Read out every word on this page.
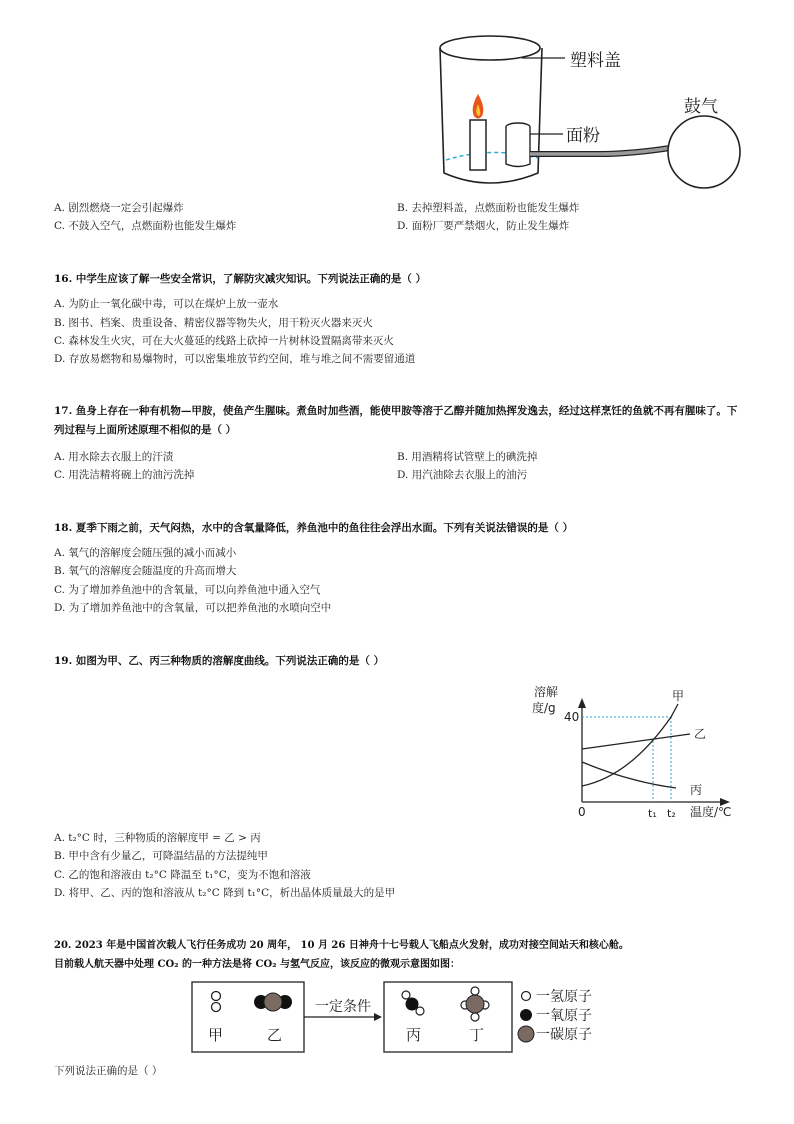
塑料盖
面粉
鼓气
A. 剧烈燃烧一定会引起爆炸	B. 去掉塑料盖，点燃面粉也能发生爆炸
C. 不鼓入空气，点燃面粉也能发生爆炸	D. 面粉厂要严禁烟火，防止发生爆炸
16. 中学生应该了解一些安全常识，了解防灾减灾知识。下列说法正确的是（ ）
A. 为防止一氧化碳中毒，可以在煤炉上放一壶水
B. 图书、档案、贵重设备、精密仪器等物失火，用干粉灭火器来灭火
C. 森林发生火灾，可在大火蔓延的线路上砍掉一片树林设置隔离带来灭火
D. 存放易燃物和易爆物时，可以密集堆放节约空间，堆与堆之间不需要留通道
17. 鱼身上存在一种有机物—甲胺，使鱼产生腥味。煮鱼时加些酒，能使甲胺等溶于乙醇并随加热挥发逸去，经过这样烹饪的鱼就不再有腥味了。下列过程与上面所述原理不相似的是（ ）
A. 用水除去衣服上的汗渍	B. 用酒精将试管壁上的碘洗掉
C. 用洗洁精将碗上的油污洗掉	D. 用汽油除去衣服上的油污
18. 夏季下雨之前，天气闷热，水中的含氧量降低，养鱼池中的鱼往往会浮出水面。下列有关说法错误的是（ ）
A. 氧气的溶解度会随压强的减小而减小
B. 氧气的溶解度会随温度的升高而增大
C. 为了增加养鱼池中的含氧量，可以向养鱼池中通入空气
D. 为了增加养鱼池中的含氧量，可以把养鱼池的水喷向空中
19. 如图为甲、乙、丙三种物质的溶解度曲线。下列说法正确的是（ ）
溶解
度/g
40
0	t₁ t₂ 温度/℃
甲
乙
丙
A. t₂°C 时，三种物质的溶解度甲 = 乙 > 丙
B. 甲中含有少量乙，可降温结晶的方法提纯甲
C. 乙的饱和溶液由 t₂°C 降温至 t₁°C，变为不饱和溶液
D. 将甲、乙、丙的饱和溶液从 t₂°C 降到 t₁°C，析出晶体质量最大的是甲
20. 2023 年是中国首次载人飞行任务成功 20 周年， 10 月 26 日神舟十七号载人飞船点火发射，成功对接空间站天和核心舱。
目前载人航天器中处理 CO₂ 的一种方法是将 CO₂ 与氢气反应，该反应的微观示意图如图：
甲	乙
一定条件
丙	丁
一氢原子
一氧原子
一碳原子
下列说法正确的是（ ）
